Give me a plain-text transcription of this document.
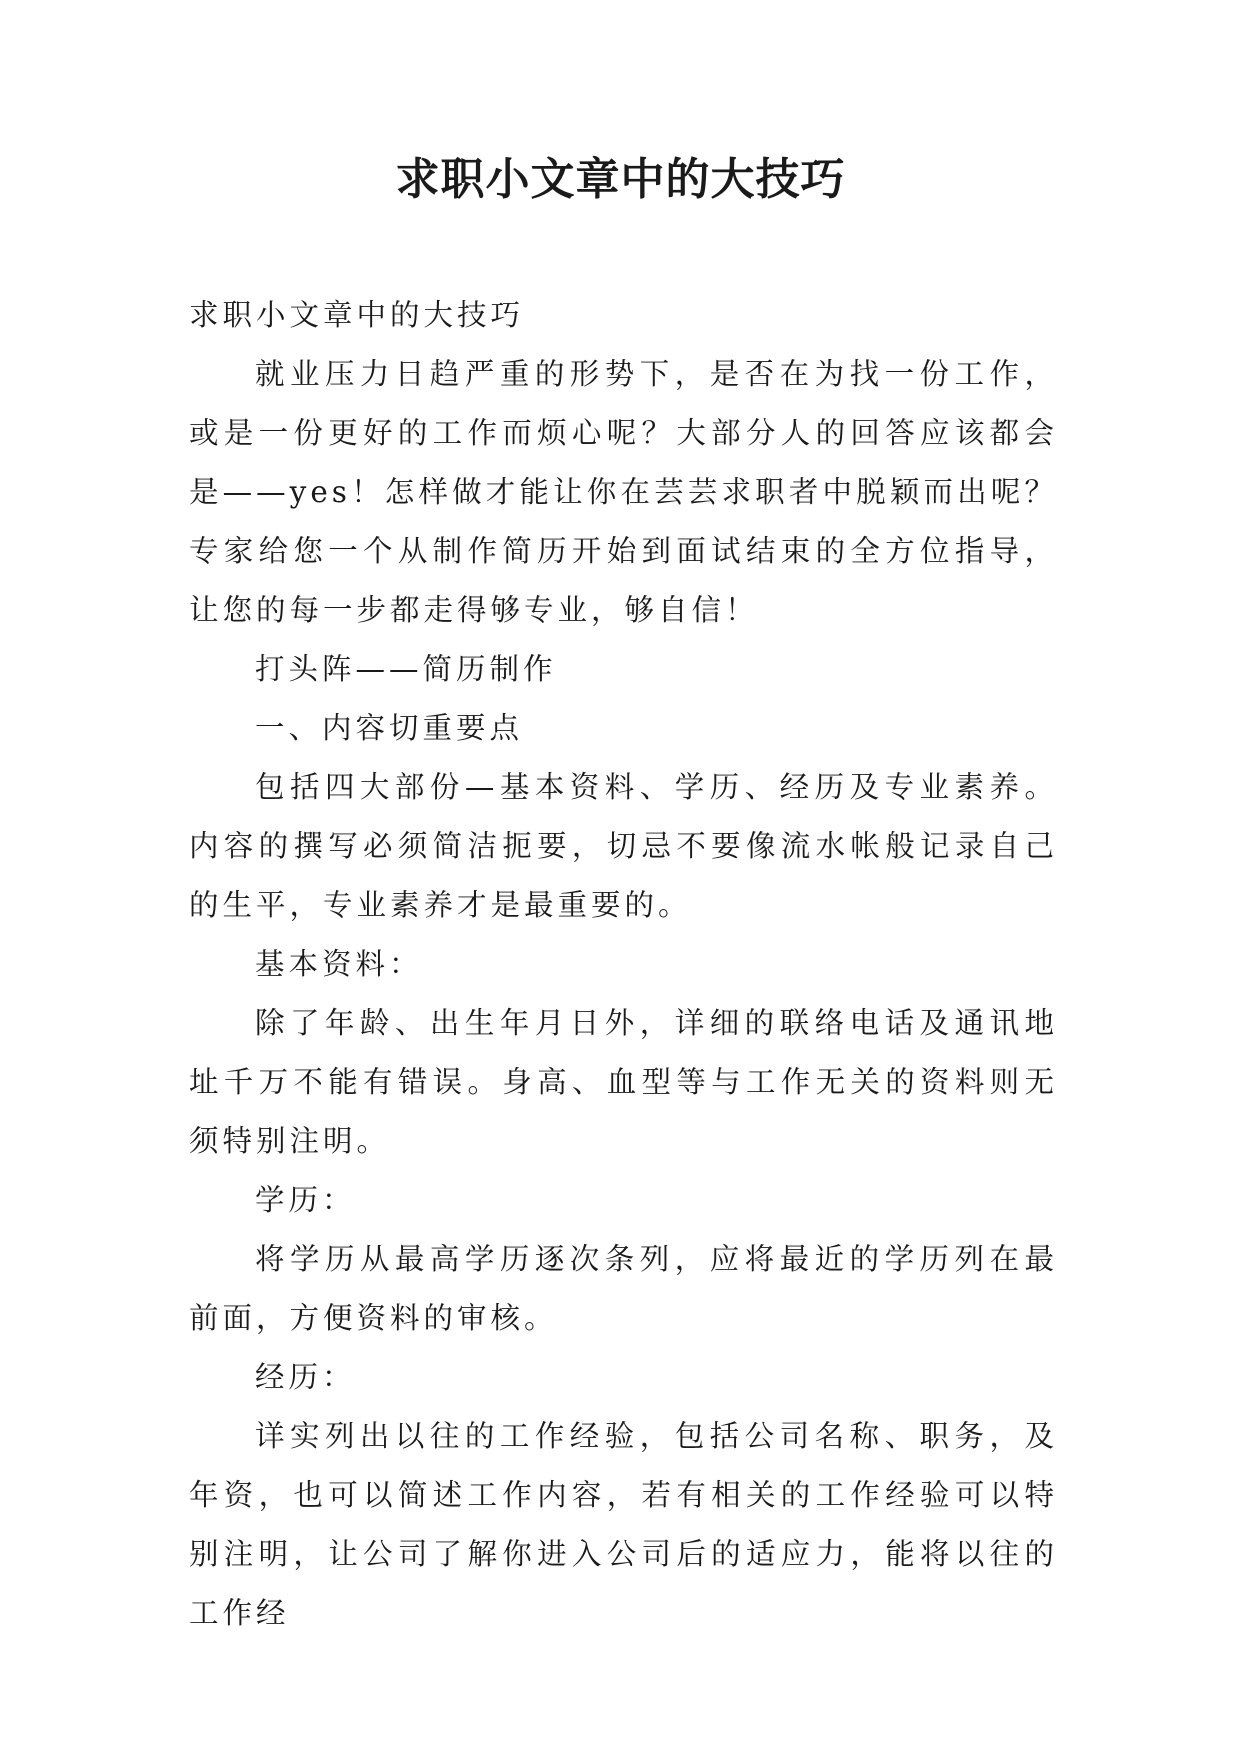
求职小文章中的大技巧

求职小文章中的大技巧

就业压力日趋严重的形势下，是否在为找一份工作，或是一份更好的工作而烦心呢？大部分人的回答应该都会是——yes！怎样做才能让你在芸芸求职者中脱颖而出呢？专家给您一个从制作简历开始到面试结束的全方位指导，让您的每一步都走得够专业，够自信！

打头阵——简历制作

一、内容切重要点

包括四大部份—基本资料、学历、经历及专业素养。内容的撰写必须简洁扼要，切忌不要像流水帐般记录自己的生平，专业素养才是最重要的。

基本资料：

除了年龄、出生年月日外，详细的联络电话及通讯地址千万不能有错误。身高、血型等与工作无关的资料则无须特别注明。

学历：

将学历从最高学历逐次条列，应将最近的学历列在最前面，方便资料的审核。

经历：

详实列出以往的工作经验，包括公司名称、职务，及年资，也可以简述工作内容，若有相关的工作经验可以特别注明，让公司了解你进入公司后的适应力，能将以往的工作经
